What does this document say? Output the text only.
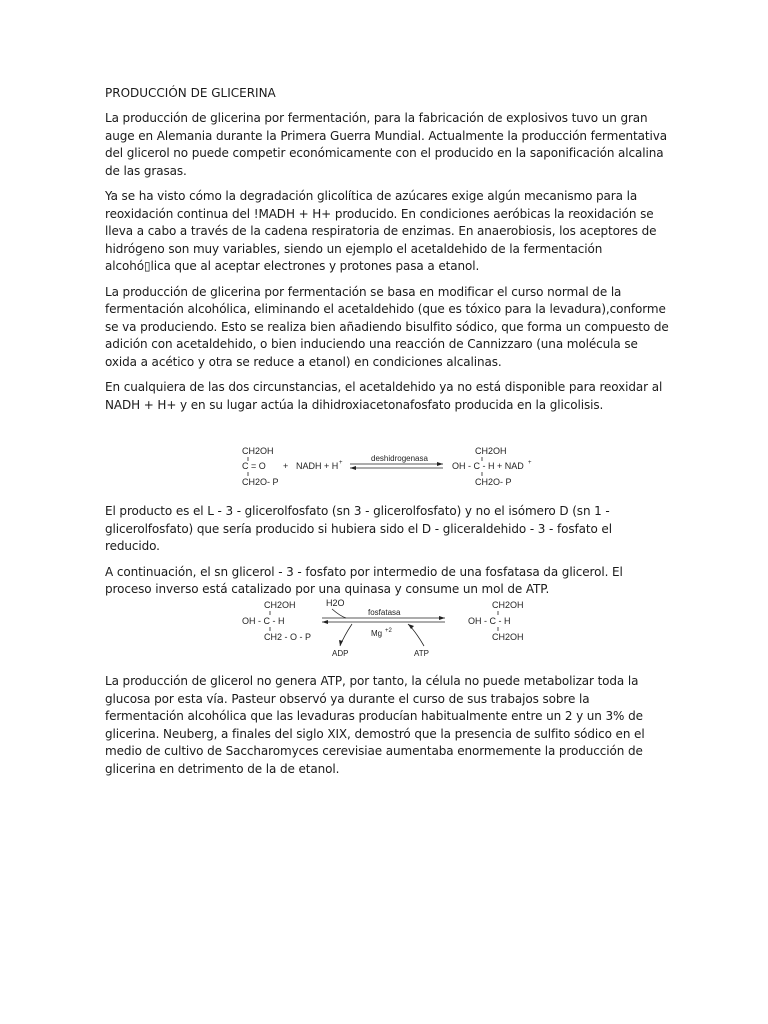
PRODUCCIÓN DE GLICERINA

La producción de glicerina por fermentación, para la fabricación de explosivos tuvo un gran auge en Alemania durante la Primera Guerra Mundial. Actualmente la producción fermentativa del glicerol no puede competir económicamente con el producido en la saponificación alcalina de las grasas.

Ya se ha visto cómo la degradación glicolítica de azúcares exige algún mecanismo para la reoxidación continua del !MADH + H+ producido. En condiciones aeróbicas la reoxidación se lleva a cabo a través de la cadena respiratoria de enzimas. En anaerobiosis, los aceptores de hidrógeno son muy variables, siendo un ejemplo el acetaldehido de la fermentación alcohó▯lica que al aceptar electrones y protones pasa a etanol.

La producción de glicerina por fermentación se basa en modificar el curso normal de la fermentación alcohólica, eliminando el acetaldehido (que es tóxico para la levadura),conforme se va produciendo. Esto se realiza bien añadiendo bisulfito sódico, que forma un compuesto de adición con acetaldehido, o bien induciendo una reacción de Cannizzaro (una molécula se oxida a acético y otra se reduce a etanol) en condiciones alcalinas.

En cualquiera de las dos circunstancias, el acetaldehido ya no está disponible para reoxidar al NADH + H+ y en su lugar actúa la dihidroxiacetonafosfato producida en la glicolisis.

CH2OH
C = O
CH2O- P
+ NADH + H +	deshidrogenasa
CH2OH
OH - C - H + NAD +
CH2O- P

El producto es el L - 3 - glicerolfosfato (sn 3 - glicerolfosfato) y no el isómero D (sn 1 - glicerolfosfato) que sería producido si hubiera sido el D - gliceraldehido - 3 - fosfato el reducido.

A continuación, el sn glicerol - 3 - fosfato por intermedio de una fosfatasa da glicerol. El proceso inverso está catalizado por una quinasa y consume un mol de ATP.

CH2OH
OH - C - H
CH2 - O - P
H2O
fosfatasa
Mg +2
ADP	ATP
CH2OH
OH - C - H
CH2OH

La producción de glicerol no genera ATP, por tanto, la célula no puede metabolizar toda la glucosa por esta vía. Pasteur observó ya durante el curso de sus trabajos sobre la fermentación alcohólica que las levaduras producían habitualmente entre un 2 y un 3% de glicerina. Neuberg, a finales del siglo XIX, demostró que la presencia de sulfito sódico en el medio de cultivo de Saccharomyces cerevisiae aumentaba enormemente la producción de glicerina en detrimento de la de etanol.
